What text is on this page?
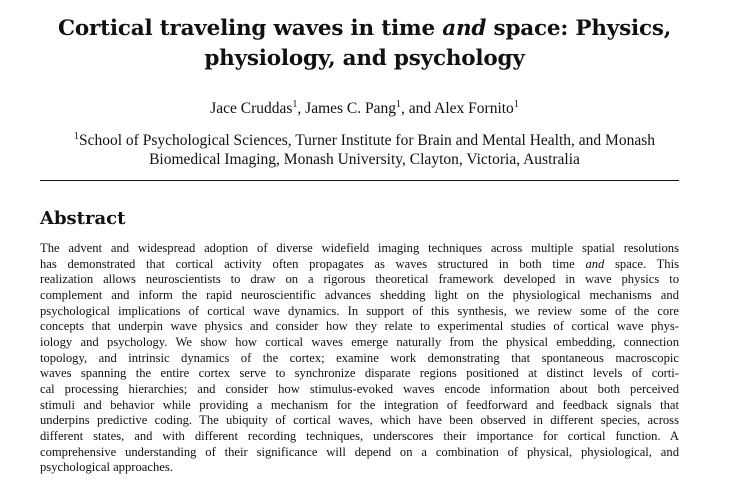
Cortical traveling waves in time and space: Physics,
physiology, and psychology
Jace Cruddas$^1$, James C. Pang$^1$, and Alex Fornito$^1$
$^1$School of Psychological Sciences, Turner Institute for Brain and Mental Health, and Monash
Biomedical Imaging, Monash University, Clayton, Victoria, Australia
Abstract
The advent and widespread adoption of diverse widefield imaging techniques across multiple spatial resolutions
has demonstrated that cortical activity often propagates as waves structured in both time and space. This
realization allows neuroscientists to draw on a rigorous theoretical framework developed in wave physics to
complement and inform the rapid neuroscientific advances shedding light on the physiological mechanisms and
psychological implications of cortical wave dynamics. In support of this synthesis, we review some of the core
concepts that underpin wave physics and consider how they relate to experimental studies of cortical wave phys-
iology and psychology. We show how cortical waves emerge naturally from the physical embedding, connection
topology, and intrinsic dynamics of the cortex; examine work demonstrating that spontaneous macroscopic
waves spanning the entire cortex serve to synchronize disparate regions positioned at distinct levels of corti-
cal processing hierarchies; and consider how stimulus-evoked waves encode information about both perceived
stimuli and behavior while providing a mechanism for the integration of feedforward and feedback signals that
underpins predictive coding. The ubiquity of cortical waves, which have been observed in different species, across
different states, and with different recording techniques, underscores their importance for cortical function. A
comprehensive understanding of their significance will depend on a combination of physical, physiological, and
psychological approaches.
